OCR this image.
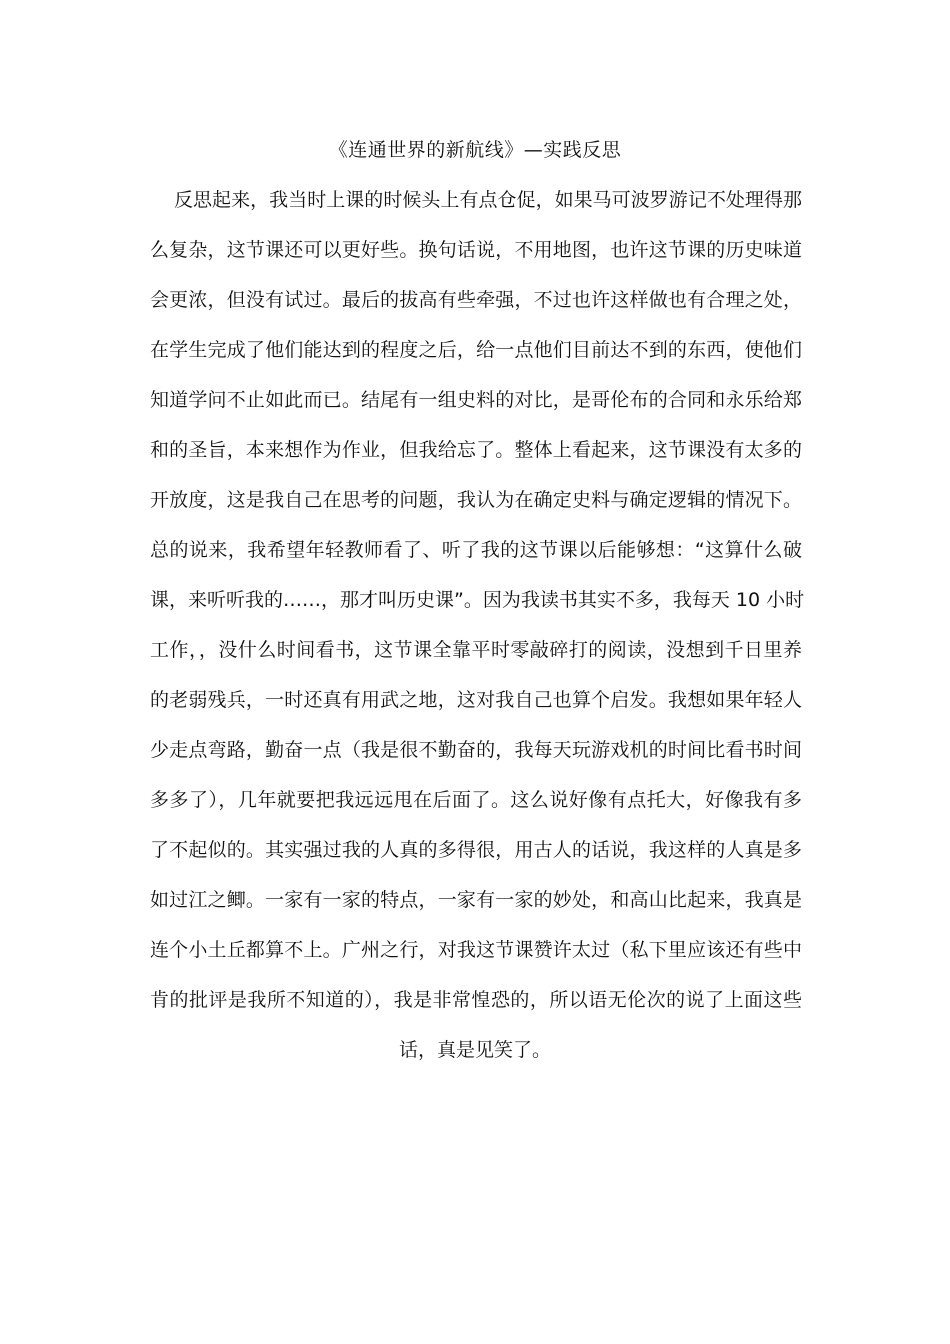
《连通世界的新航线》—实践反思
反思起来，我当时上课的时候头上有点仓促，如果马可波罗游记不处理得那
么复杂，这节课还可以更好些。换句话说，不用地图，也许这节课的历史味道
会更浓，但没有试过。最后的拔高有些牵强，不过也许这样做也有合理之处，
在学生完成了他们能达到的程度之后，给一点他们目前达不到的东西，使他们
知道学问不止如此而已。结尾有一组史料的对比，是哥伦布的合同和永乐给郑
和的圣旨，本来想作为作业，但我给忘了。整体上看起来，这节课没有太多的
开放度，这是我自己在思考的问题，我认为在确定史料与确定逻辑的情况下。
总的说来，我希望年轻教师看了、听了我的这节课以后能够想：“这算什么破
课，来听听我的……，那才叫历史课”。因为我读书其实不多，我每天 10 小时
工作，，没什么时间看书，这节课全靠平时零敲碎打的阅读，没想到千日里养
的老弱残兵，一时还真有用武之地，这对我自己也算个启发。我想如果年轻人
少走点弯路，勤奋一点（我是很不勤奋的，我每天玩游戏机的时间比看书时间
多多了），几年就要把我远远甩在后面了。这么说好像有点托大，好像我有多
了不起似的。其实强过我的人真的多得很，用古人的话说，我这样的人真是多
如过江之鲫。一家有一家的特点，一家有一家的妙处，和高山比起来，我真是
连个小土丘都算不上。广州之行，对我这节课赞许太过（私下里应该还有些中
肯的批评是我所不知道的），我是非常惶恐的，所以语无伦次的说了上面这些
话，真是见笑了。
